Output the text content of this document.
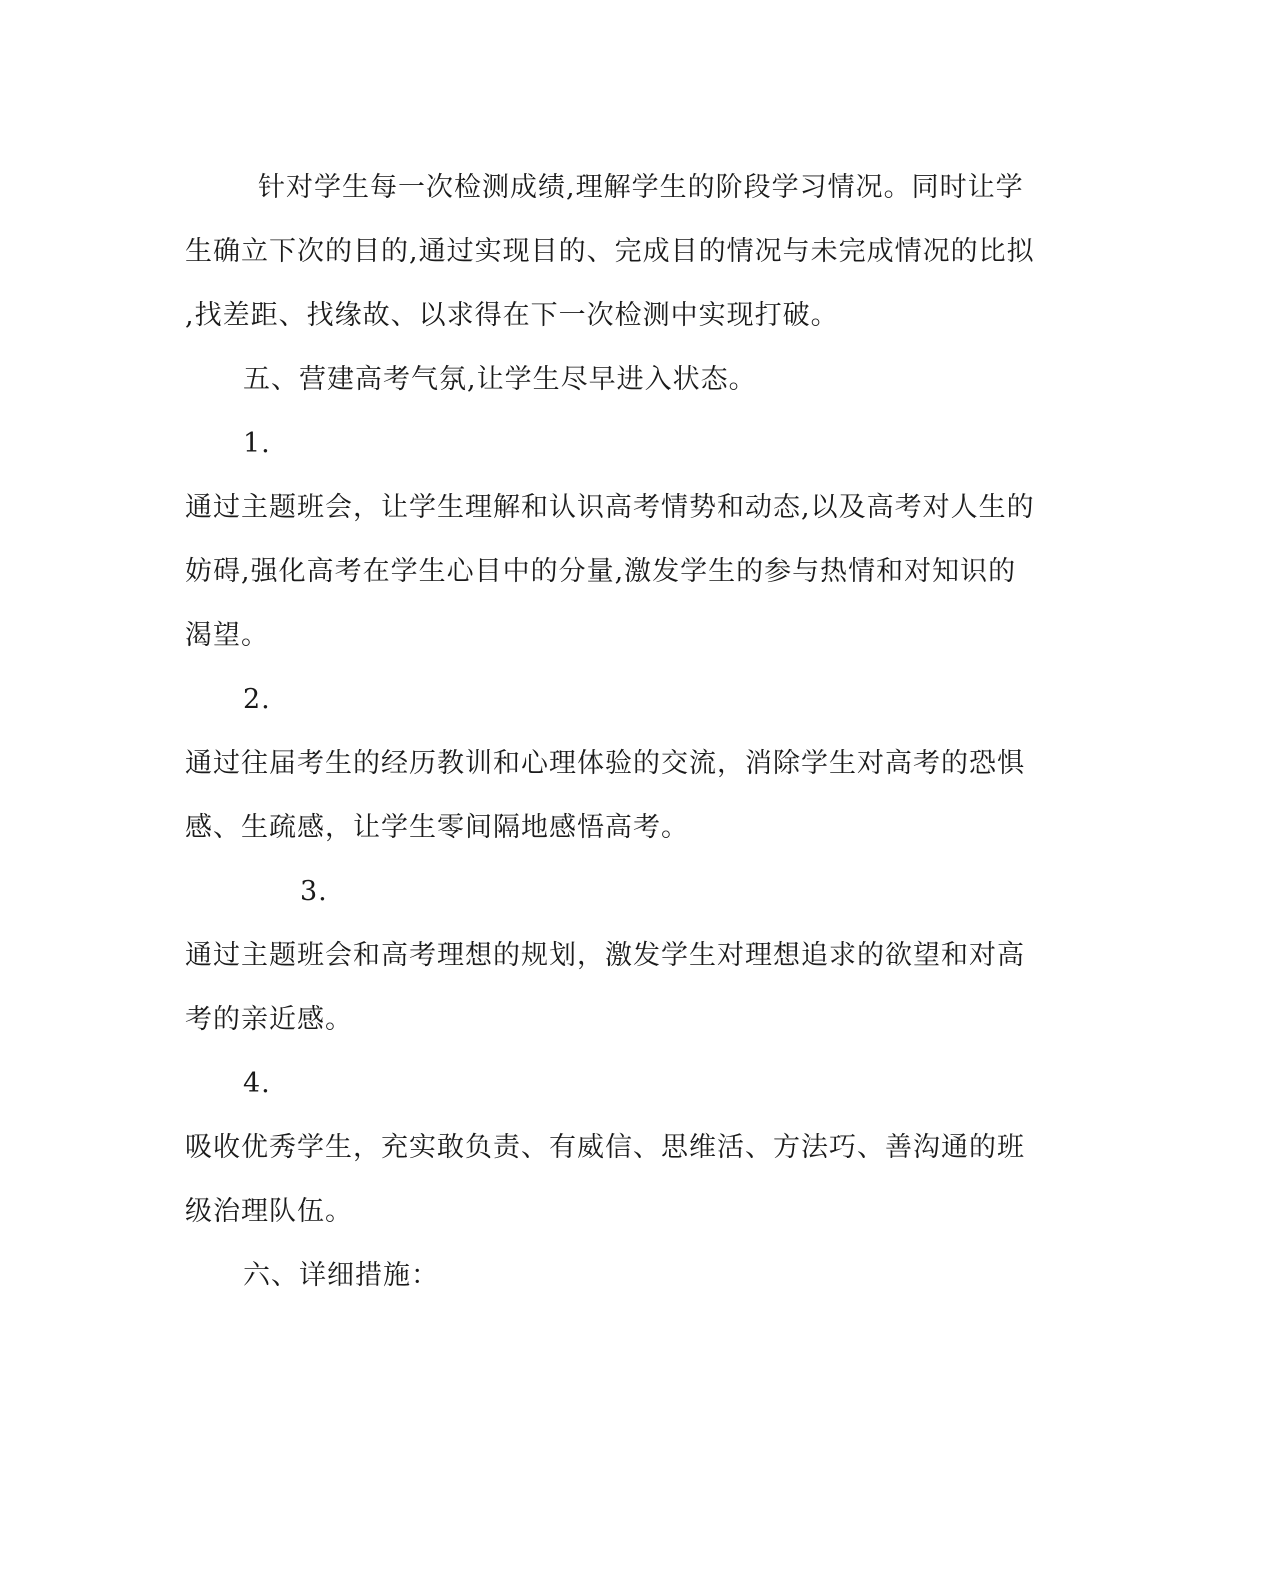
针对学生每一次检测成绩,理解学生的阶段学习情况。同时让学
生确立下次的目的,通过实现目的、完成目的情况与未完成情况的比拟
,找差距、找缘故、以求得在下一次检测中实现打破。
五、营建高考气氛,让学生尽早进入状态。
1.
通过主题班会，让学生理解和认识高考情势和动态,以及高考对人生的
妨碍,强化高考在学生心目中的分量,激发学生的参与热情和对知识的
渴望。
2.
通过往届考生的经历教训和心理体验的交流，消除学生对高考的恐惧
感、生疏感，让学生零间隔地感悟高考。
3.
通过主题班会和高考理想的规划，激发学生对理想追求的欲望和对高
考的亲近感。
4.
吸收优秀学生，充实敢负责、有威信、思维活、方法巧、善沟通的班
级治理队伍。
六、详细措施：
